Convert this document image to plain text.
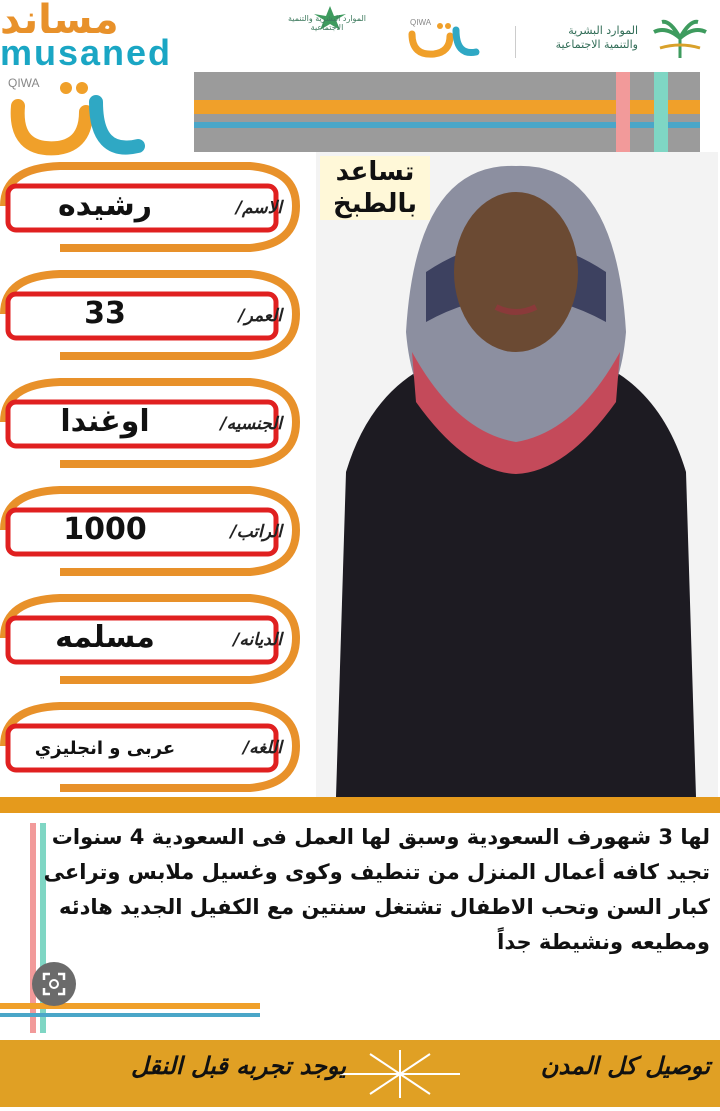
مساند
musaned
الموارد البشرية والتنمية الاجتماعية
QIWA
الموارد البشرية
والتنمية الاجتماعية
QIWA
تساعد بالطبخ
الاسم/
رشيده
العمر/
33
الجنسيه/
اوغندا
الراتب/
1000
الديانه/
مسلمه
اللغه/
عربى و انجليزي
لها 3 شهورف السعودية وسبق لها العمل فى السعودية 4 سنوات تجيد كافه أعمال المنزل من تنطيف وكوى وغسيل ملابس وتراعى كبار السن وتحب الاطفال تشتغل سنتين مع الكفيل الجديد هادئه ومطيعه ونشيطة جداً
توصيل كل المدن
يوجد تجربه قبل النقل
